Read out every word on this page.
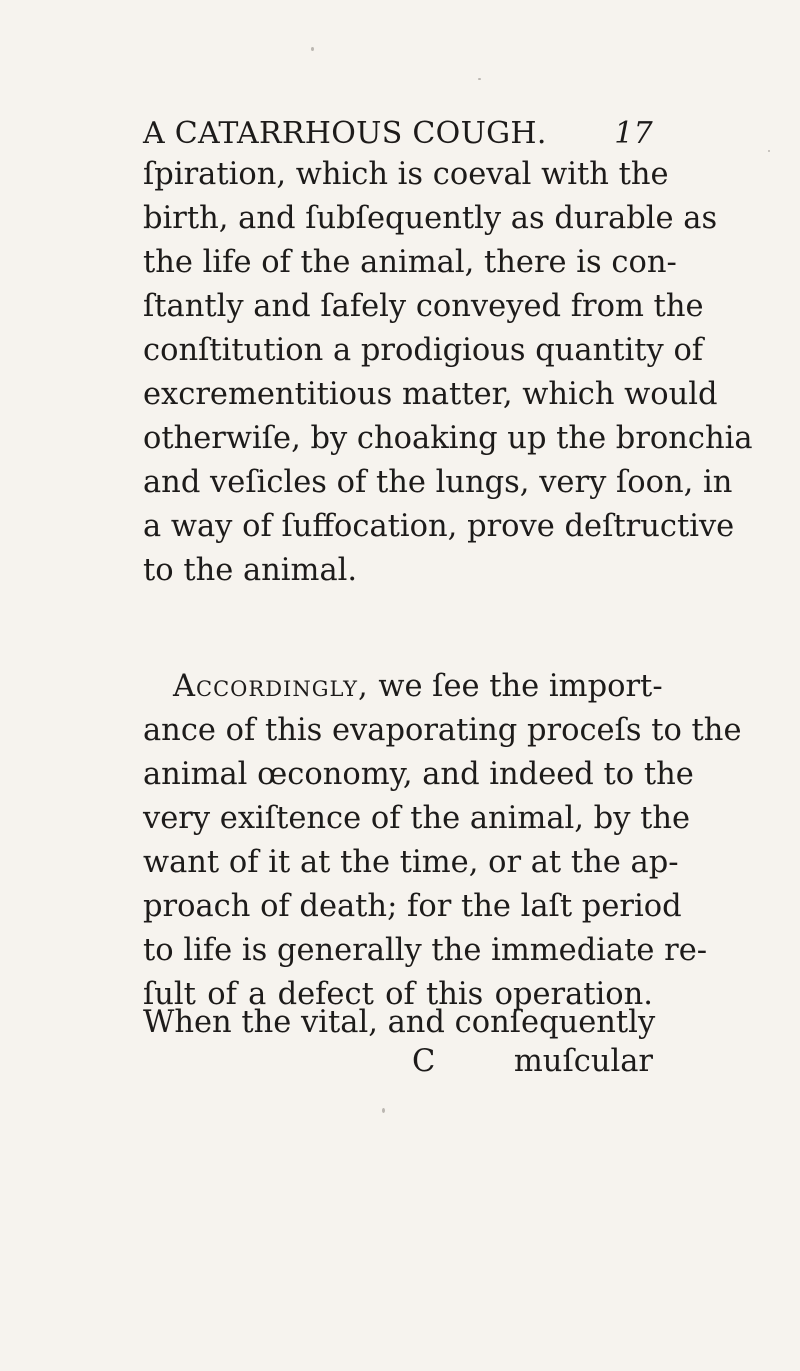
A CATARRHOUS COUGH. 17
ſpiration, which is coeval with the
birth, and ſubſequently as durable as
the life of the animal, there is con-
ſtantly and ſafely conveyed from the
conſtitution a prodigious quantity of
excrementitious matter, which would
otherwiſe, by choaking up the bronchia
and veſicles of the lungs, very ſoon, in
a way of ſuffocation, prove deſtructive
to the animal.
Accordingly, we ſee the import-
ance of this evaporating proceſs to the
animal œconomy, and indeed to the
very exiſtence of the animal, by the
want of it at the time, or at the ap-
proach of death; for the laſt period
to life is generally the immediate re-
ſult of a defect of this operation.
When the vital, and conſequently
C	muſcular
